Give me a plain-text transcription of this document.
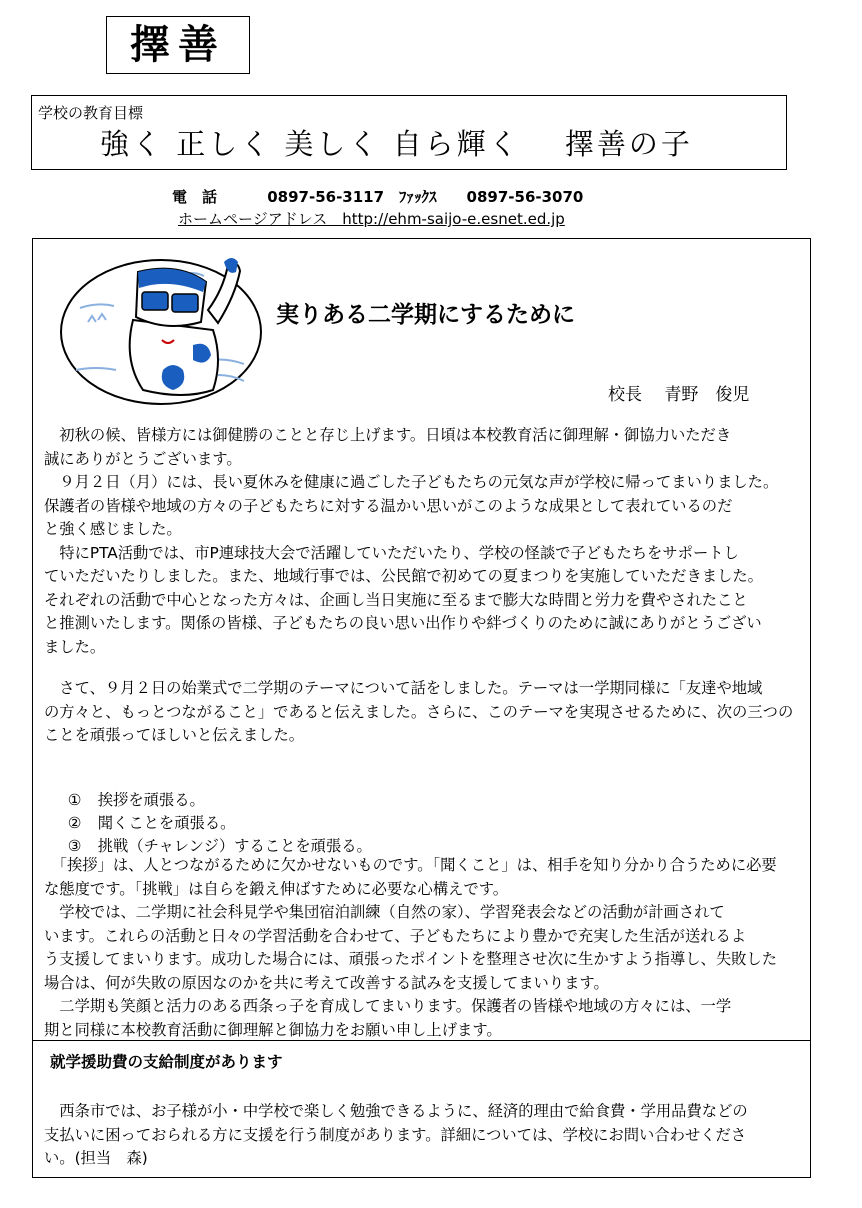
擇善
学校の教育目標
強く 正しく 美しく 自ら輝く　 擇善の子
電　話　　　 0897-56-3117　ﾌｧｯｸｽ　　0897-56-3070
ホームページアドレス　http://ehm-saijo-e.esnet.ed.jp
実りある二学期にするために
校長　 青野　俊児
　初秋の候、皆様方には御健勝のことと存じ上げます。日頃は本校教育活に御理解・御協力いただき
誠にありがとうございます。
　９月２日（月）には、長い夏休みを健康に過ごした子どもたちの元気な声が学校に帰ってまいりました。
保護者の皆様や地域の方々の子どもたちに対する温かい思いがこのような成果として表れているのだ
と強く感じました。
　特にPTA活動では、市P連球技大会で活躍していただいたり、学校の怪談で子どもたちをサポートし
ていただいたりしました。また、地域行事では、公民館で初めての夏まつりを実施していただきました。
それぞれの活動で中心となった方々は、企画し当日実施に至るまで膨大な時間と労力を費やされたこと
と推測いたします。関係の皆様、子どもたちの良い思い出作りや絆づくりのために誠にありがとうござい
ました。
　さて、９月２日の始業式で二学期のテーマについて話をしました。テーマは一学期同様に「友達や地域
の方々と、もっとつながること」であると伝えました。さらに、このテーマを実現させるために、次の三つの
ことを頑張ってほしいと伝えました。

① 挨拶を頑張る。

② 聞くことを頑張る。

③ 挑戦（チャレンジ）することを頑張る。

　「挨拶」は、人とつながるために欠かせないものです。「聞くこと」は、相手を知り分かり合うために必要
な態度です。「挑戦」は自らを鍛え伸ばすために必要な心構えです。
　学校では、二学期に社会科見学や集団宿泊訓練（自然の家）、学習発表会などの活動が計画されて
います。これらの活動と日々の学習活動を合わせて、子どもたちにより豊かで充実した生活が送れるよ
う支援してまいります。成功した場合には、頑張ったポイントを整理させ次に生かすよう指導し、失敗した
場合は、何が失敗の原因なのかを共に考えて改善する試みを支援してまいります。
　二学期も笑顔と活力のある西条っ子を育成してまいります。保護者の皆様や地域の方々には、一学
期と同様に本校教育活動に御理解と御協力をお願い申し上げます。
就学援助費の支給制度があります
　西条市では、お子様が小・中学校で楽しく勉強できるように、経済的理由で給食費・学用品費などの
支払いに困っておられる方に支援を行う制度があります。詳細については、学校にお問い合わせくださ
い。(担当　森)
